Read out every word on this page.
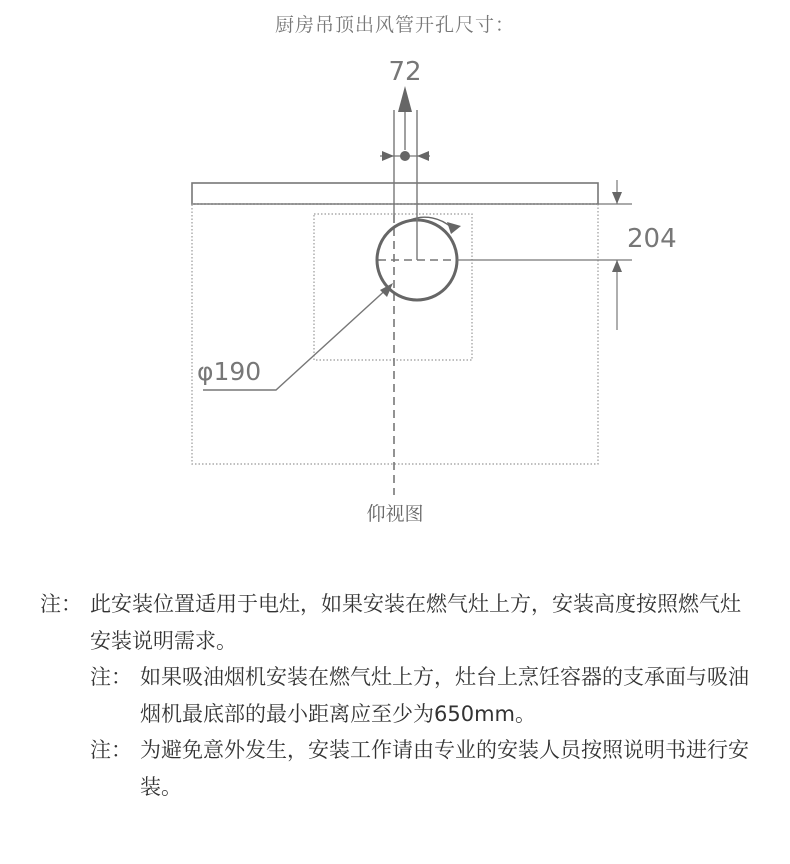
厨房吊顶出风管开孔尺寸：
72
204
φ190
仰视图
注： 此安装位置适用于电灶，如果安装在燃气灶上方，安装高度按照燃气灶安装说明需求。
注： 如果吸油烟机安装在燃气灶上方，灶台上烹饪容器的支承面与吸油烟机最底部的最小距离应至少为650mm。
注： 为避免意外发生，安装工作请由专业的安装人员按照说明书进行安装。
